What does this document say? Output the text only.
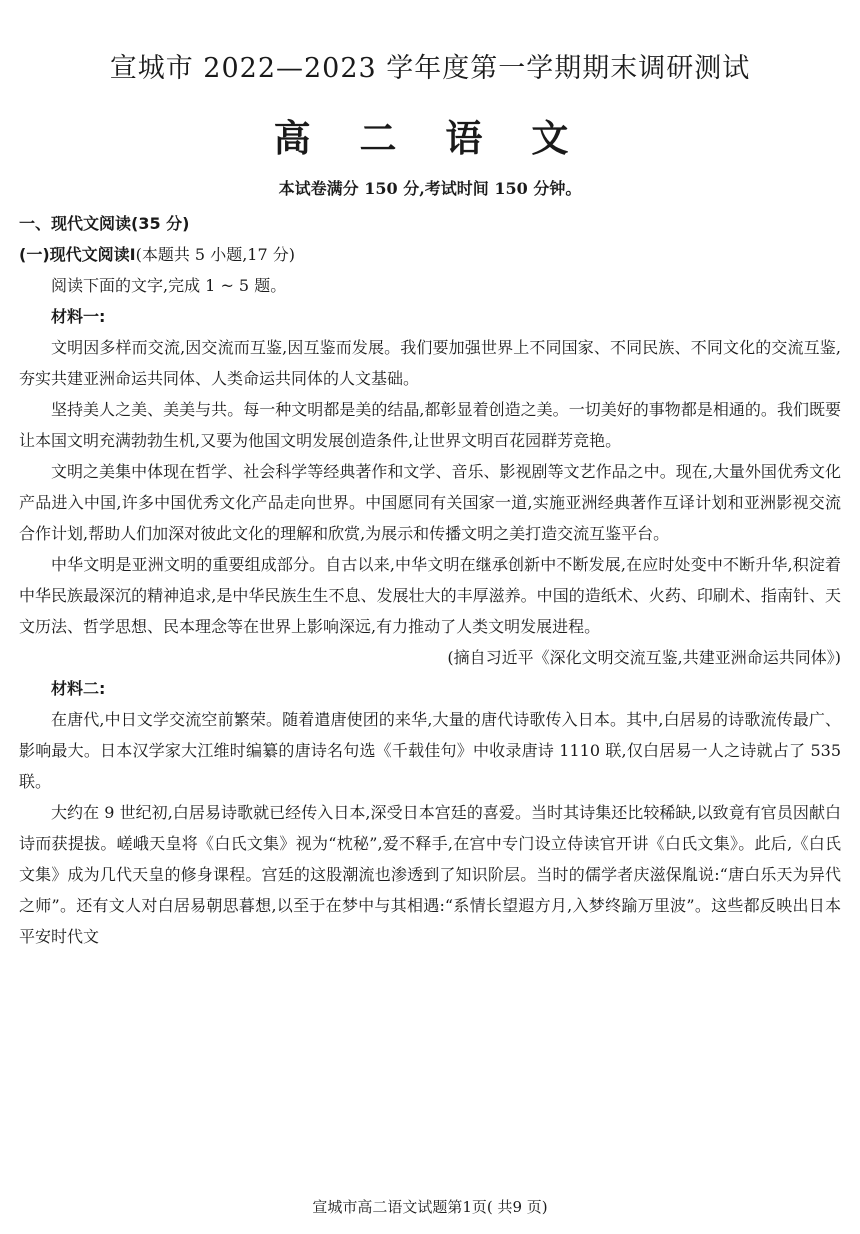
宣城市 2022—2023 学年度第一学期期末调研测试
高 二 语 文
本试卷满分 150 分,考试时间 150 分钟。

一、现代文阅读(35 分)

(一)现代文阅读Ⅰ(本题共 5 小题,17 分)

阅读下面的文字,完成 1 ~ 5 题。

材料一:

文明因多样而交流,因交流而互鉴,因互鉴而发展。我们要加强世界上不同国家、不同民族、不同文化的交流互鉴,夯实共建亚洲命运共同体、人类命运共同体的人文基础。

坚持美人之美、美美与共。每一种文明都是美的结晶,都彰显着创造之美。一切美好的事物都是相通的。我们既要让本国文明充满勃勃生机,又要为他国文明发展创造条件,让世界文明百花园群芳竞艳。

文明之美集中体现在哲学、社会科学等经典著作和文学、音乐、影视剧等文艺作品之中。现在,大量外国优秀文化产品进入中国,许多中国优秀文化产品走向世界。中国愿同有关国家一道,实施亚洲经典著作互译计划和亚洲影视交流合作计划,帮助人们加深对彼此文化的理解和欣赏,为展示和传播文明之美打造交流互鉴平台。

中华文明是亚洲文明的重要组成部分。自古以来,中华文明在继承创新中不断发展,在应时处变中不断升华,积淀着中华民族最深沉的精神追求,是中华民族生生不息、发展壮大的丰厚滋养。中国的造纸术、火药、印刷术、指南针、天文历法、哲学思想、民本理念等在世界上影响深远,有力推动了人类文明发展进程。

(摘自习近平《深化文明交流互鉴,共建亚洲命运共同体》)

材料二:

在唐代,中日文学交流空前繁荣。随着遣唐使团的来华,大量的唐代诗歌传入日本。其中,白居易的诗歌流传最广、影响最大。日本汉学家大江维时编纂的唐诗名句选《千载佳句》中收录唐诗 1110 联,仅白居易一人之诗就占了 535 联。

大约在 9 世纪初,白居易诗歌就已经传入日本,深受日本宫廷的喜爱。当时其诗集还比较稀缺,以致竟有官员因献白诗而获提拔。嵯峨天皇将《白氏文集》视为“枕秘”,爱不释手,在宫中专门设立侍读官开讲《白氏文集》。此后,《白氏文集》成为几代天皇的修身课程。宫廷的这股潮流也渗透到了知识阶层。当时的儒学者庆滋保胤说:“唐白乐天为异代之师”。还有文人对白居易朝思暮想,以至于在梦中与其相遇:“系情长望遐方月,入梦终踰万里波”。这些都反映出日本平安时代文

宣城市高二语文试题第1页( 共9 页)
